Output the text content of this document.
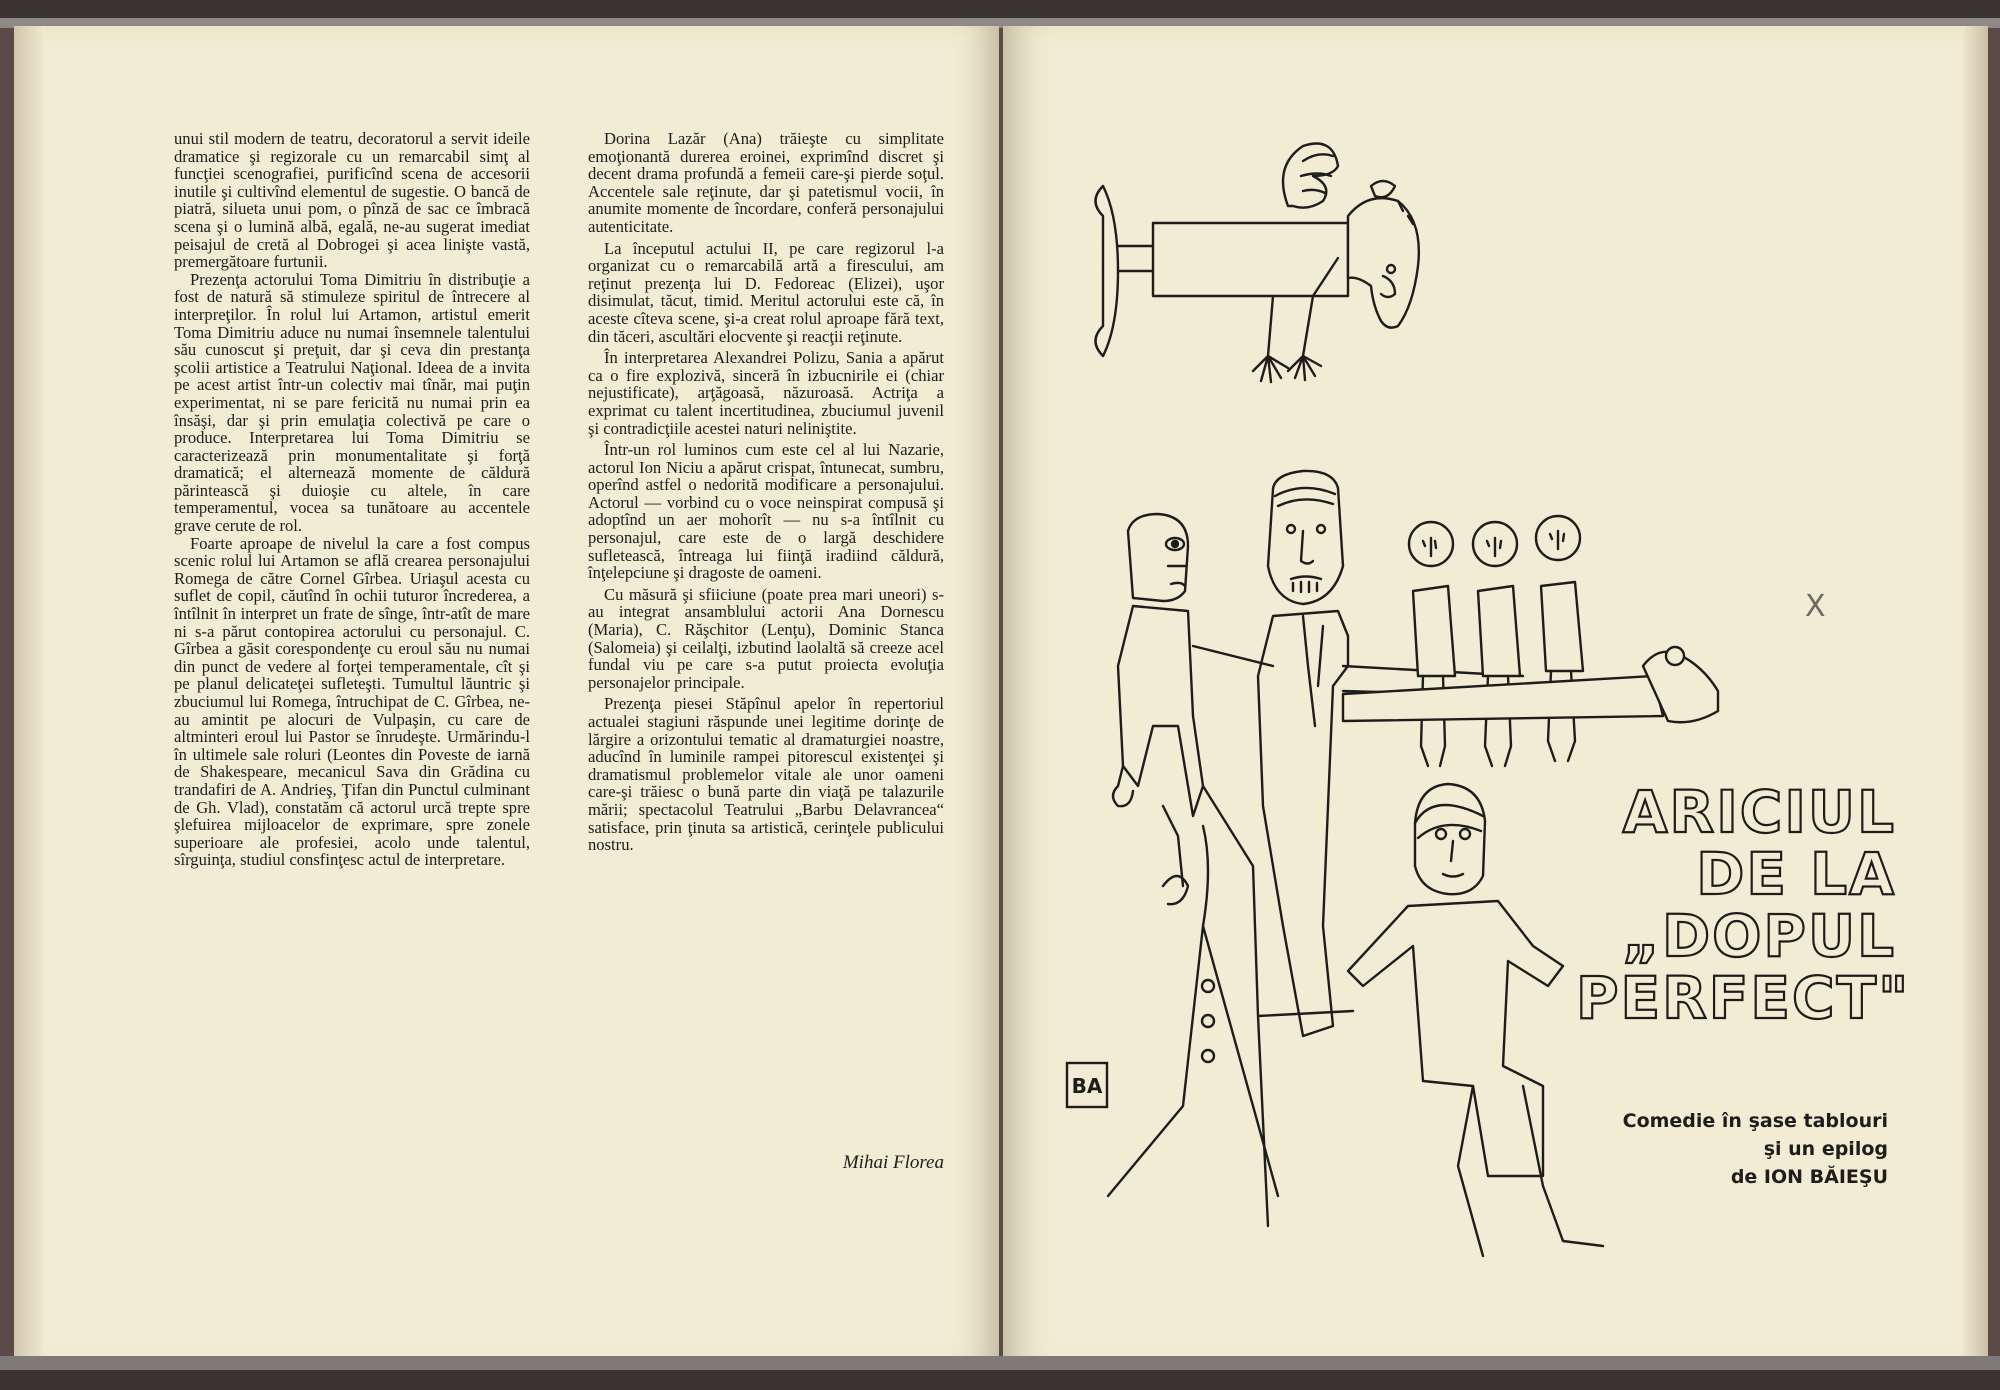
unui stil modern de teatru, decoratorul a servit ideile dramatice şi regizorale cu un remarcabil simţ al funcţiei scenografiei, purificînd scena de accesorii inutile şi cultivînd elementul de sugestie. O bancă de piatră, silueta unui pom, o pînză de sac ce îmbracă scena şi o lumină albă, egală, ne-au sugerat imediat peisajul de cretă al Dobrogei şi acea linişte vastă, premergătoare furtunii.

Prezenţa actorului Toma Dimitriu în distribuţie a fost de natură să stimuleze spiritul de întrecere al interpreţilor. În rolul lui Artamon, artistul emerit Toma Dimitriu aduce nu numai însemnele talentului său cunoscut şi preţuit, dar şi ceva din prestanţa şcolii artistice a Teatrului Naţional. Ideea de a invita pe acest artist într-un colectiv mai tînăr, mai puţin experimentat, ni se pare fericită nu numai prin ea însăşi, dar şi prin emulaţia colectivă pe care o produce. Interpretarea lui Toma Dimitriu se caracterizează prin monumentalitate şi forţă dramatică; el alternează momente de căldură părintească şi duioşie cu altele, în care temperamentul, vocea sa tunătoare au accentele grave cerute de rol.

Foarte aproape de nivelul la care a fost compus scenic rolul lui Artamon se află crearea personajului Romega de către Cornel Gîrbea. Uriaşul acesta cu suflet de copil, căutînd în ochii tuturor încrederea, a întîlnit în interpret un frate de sînge, într-atît de mare ni s-a părut contopirea actorului cu personajul. C. Gîrbea a găsit corespondenţe cu eroul său nu numai din punct de vedere al forţei temperamentale, cît şi pe planul delicateţei sufleteşti. Tumultul lăuntric şi zbuciumul lui Romega, întruchipat de C. Gîrbea, ne-au amintit pe alocuri de Vulpaşin, cu care de altminteri eroul lui Pastor se înrudeşte. Urmărindu-l în ultimele sale roluri (Leontes din Poveste de iarnă de Shakespeare, mecanicul Sava din Grădina cu trandafiri de A. Andrieş, Ţifan din Punctul culminant de Gh. Vlad), constatăm că actorul urcă trepte spre şlefuirea mijloacelor de exprimare, spre zonele superioare ale profesiei, acolo unde talentul, sîrguinţa, studiul consfinţesc actul de interpretare.

Dorina Lazăr (Ana) trăieşte cu simplitate emoţionantă durerea eroinei, exprimînd discret şi decent drama profundă a femeii care-şi pierde soţul. Accentele sale reţinute, dar şi patetismul vocii, în anumite momente de încordare, conferă personajului autenticitate.

La începutul actului II, pe care regizorul l-a organizat cu o remarcabilă artă a firescului, am reţinut prezenţa lui D. Fedoreac (Elizei), uşor disimulat, tăcut, timid. Meritul actorului este că, în aceste cîteva scene, şi-a creat rolul aproape fără text, din tăceri, ascultări elocvente şi reacţii reţinute.

În interpretarea Alexandrei Polizu, Sania a apărut ca o fire explozivă, sinceră în izbucnirile ei (chiar nejustificate), arţăgoasă, năzuroasă. Actriţa a exprimat cu talent incertitudinea, zbuciumul juvenil şi contradicţiile acestei naturi neliniştite.

Într-un rol luminos cum este cel al lui Nazarie, actorul Ion Niciu a apărut crispat, întunecat, sumbru, operînd astfel o nedorită modificare a personajului. Actorul — vorbind cu o voce neinspirat compusă şi adoptînd un aer mohorît — nu s-a întîlnit cu personajul, care este de o largă deschidere sufletească, întreaga lui fiinţă iradiind căldură, înţelepciune şi dragoste de oameni.

Cu măsură şi sfiiciune (poate prea mari uneori) s-au integrat ansamblului actorii Ana Dornescu (Maria), C. Răşchitor (Lenţu), Dominic Stanca (Salomeia) şi ceilalţi, izbutind laolaltă să creeze acel fundal viu pe care s-a putut proiecta evoluţia personajelor principale.

Prezenţa piesei Stăpînul apelor în repertoriul actualei stagiuni răspunde unei legitime dorinţe de lărgire a orizontului tematic al dramaturgiei noastre, aducînd în luminile rampei pitorescul existenţei şi dramatismul problemelor vitale ale unor oameni care-şi trăiesc o bună parte din viaţă pe talazurile mării; spectacolul Teatrului „Barbu Delavrancea“ satisface, prin ţinuta sa artistică, cerinţele publicului nostru.

Mihai Florea

X
BA
ARICIUL
DE LA
„DOPUL
PERFECT"
Comedie în şase tablouri
şi un epilog
de ION BĂIEŞU
